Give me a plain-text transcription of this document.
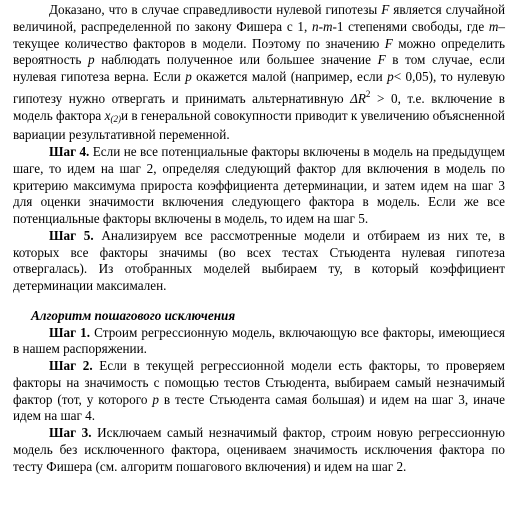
Доказано, что в случае справедливости нулевой гипотезы F является случайной величиной, распределенной по закону Фишера с 1, n-m-1 степенями свободы, где m– текущее количество факторов в модели. Поэтому по значению F можно определить вероятность p наблюдать полученное или большее значение F в том случае, если нулевая гипотеза верна. Если p окажется малой (например, если p< 0,05), то нулевую гипотезу нужно отвергать и принимать альтернативную $\Delta R^2 > 0$, т.е. включение в модель фактора $x_{(2)}и$ в генеральной совокупности приводит к увеличению объясненной вариации результативной переменной.

Шаг 4. Если не все потенциальные факторы включены в модель на предыдущем шаге, то идем на шаг 2, определяя следующий фактор для включения в модель по критерию максимума прироста коэффициента детерминации, и затем идем на шаг 3 для оценки значимости включения следующего фактора в модель. Если же все потенциальные факторы включены в модель, то идем на шаг 5.

Шаг 5. Анализируем все рассмотренные модели и отбираем из них те, в которых все факторы значимы (во всех тестах Стьюдента нулевая гипотеза отвергалась). Из отобранных моделей выбираем ту, в который коэффициент детерминации максимален.

Алгоритм пошагового исключения

Шаг 1. Строим регрессионную модель, включающую все факторы, имеющиеся в нашем распоряжении.

Шаг 2. Если в текущей регрессионной модели есть факторы, то проверяем факторы на значимость с помощью тестов Стьюдента, выбираем самый незначимый фактор (тот, у которого p в тесте Стьюдента самая большая) и идем на шаг 3, иначе идем на шаг 4.

Шаг 3. Исключаем самый незначимый фактор, строим новую регрессионную модель без исключенного фактора, оцениваем значимость исключения фактора по тесту Фишера (см. алгоритм пошагового включения) и идем на шаг 2.
